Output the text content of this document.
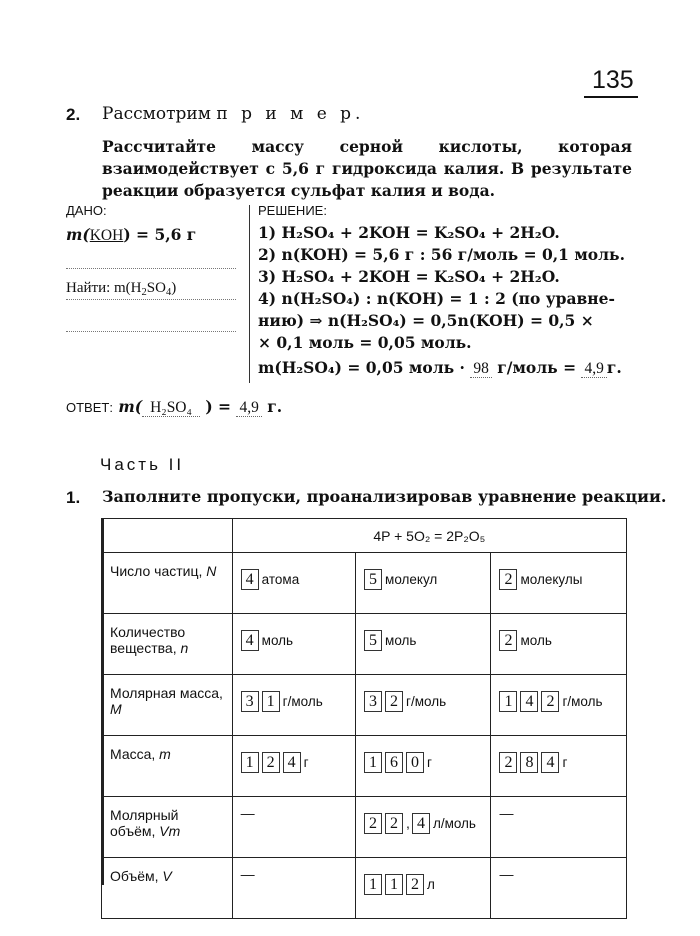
135
2. Рассмотрим п р и м е р.
Рассчитайте массу серной кислоты, которая взаимодействует с 5,6 г гидроксида калия. В результате реакции образуется сульфат калия и вода.
ДАНО:
m(KOH) = 5,6 г
Найти: $m(H_2SO_4)$
РЕШЕНИЕ:
1) H₂SO₄ + 2KOH = K₂SO₄ + 2H₂O.
2) n(KOH) = 5,6 г : 56 г/моль = 0,1 моль.
3) H₂SO₄ + 2KOH = K₂SO₄ + 2H₂O.
4) n(H₂SO₄) : n(KOH) = 1 : 2 (по уравне-
нию) ⇒ n(H₂SO₄) = 0,5n(KOH) = 0,5 ×
× 0,1 моль = 0,05 моль.
m(H₂SO₄) = 0,05 моль · 98 г/моль = 4,9 г.
ОТВЕТ: m( H₂SO₄ ) = 4,9 г.
Часть II
1. Заполните пропуски, проанализировав уравнение реакции.
	4P + 5O₂ = 2P₂O₅		
Число частиц, N	4 атома	5 молекул	2 молекулы
Количество вещества, n	4 моль	5 моль	2 моль
Молярная масса, M	3 1 г/моль	3 2 г/моль	1 4 2 г/моль
Масса, m	1 2 4 г	1 6 0 г	2 8 4 г
Молярный объём, Vm	—	2 2 , 4 л/моль	—
Объём, V	—	1 1 2 л	—
